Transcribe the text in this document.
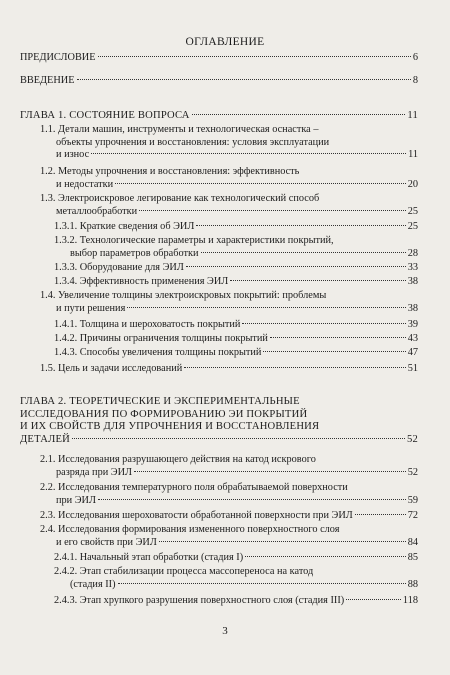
ОГЛАВЛЕНИЕ
ПРЕДИСЛОВИЕ	6
ВВЕДЕНИЕ	8
ГЛАВА 1. СОСТОЯНИЕ ВОПРОСА	11
1.1. Детали машин, инструменты и технологическая оснастка –
объекты упрочнения и восстановления: условия эксплуатации
и износ	11
1.2. Методы упрочнения и восстановления: эффективность
и недостатки	20
1.3. Электроискровое легирование как технологический способ
металлообработки	25
1.3.1. Краткие сведения об ЭИЛ	25
1.3.2. Технологические параметры и характеристики покрытий,
выбор параметров обработки	28
1.3.3. Оборудование для ЭИЛ	33
1.3.4. Эффективность применения ЭИЛ	38
1.4. Увеличение толщины электроискровых покрытий: проблемы
и пути решения	38
1.4.1. Толщина и шероховатость покрытий	39
1.4.2. Причины ограничения толщины покрытий	43
1.4.3. Способы увеличения толщины покрытий	47
1.5. Цель и задачи исследований	51
ГЛАВА 2. ТЕОРЕТИЧЕСКИЕ И ЭКСПЕРИМЕНТАЛЬНЫЕ
ИССЛЕДОВАНИЯ ПО ФОРМИРОВАНИЮ ЭИ ПОКРЫТИЙ
И ИХ СВОЙСТВ ДЛЯ УПРОЧНЕНИЯ И ВОССТАНОВЛЕНИЯ
ДЕТАЛЕЙ	52
2.1. Исследования разрушающего действия на катод искрового
разряда при ЭИЛ	52
2.2. Исследования температурного поля обрабатываемой поверхности
при ЭИЛ	59
2.3. Исследования шероховатости обработанной поверхности при ЭИЛ	72
2.4. Исследования формирования измененного поверхностного слоя
и его свойств при ЭИЛ	84
2.4.1. Начальный этап обработки (стадия I)	85
2.4.2. Этап стабилизации процесса массопереноса на катод
(стадия II)	88
2.4.3. Этап хрупкого разрушения поверхностного слоя (стадия III)	118
3
